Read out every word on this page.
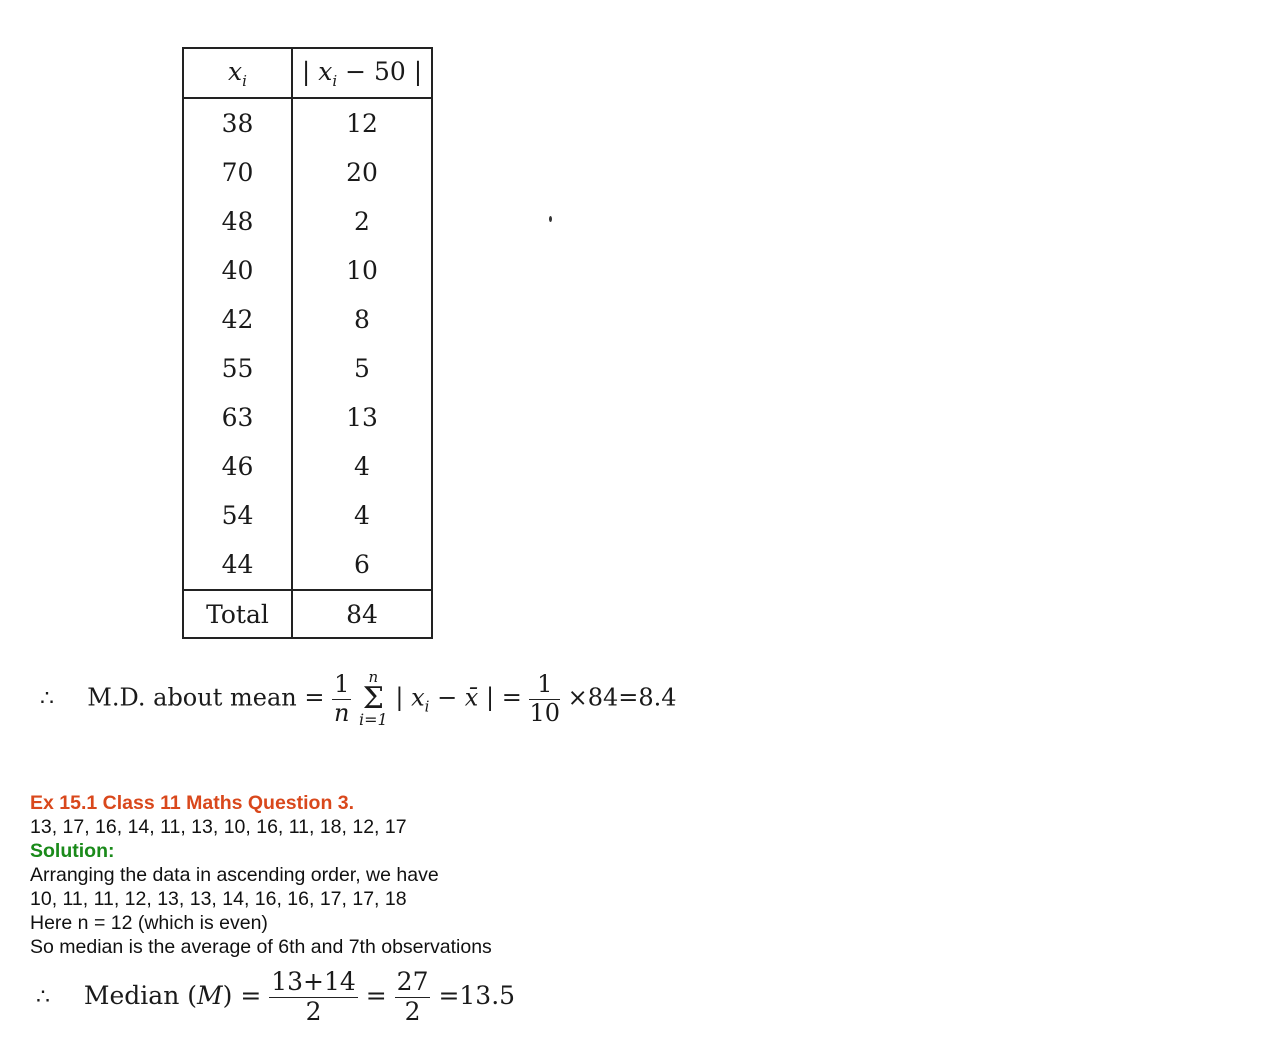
$x_i$	| $x_i - 50$ |
38	12
70	20
48	2
40	10
42	8
55	5
63	13
46	4
54	4
44	6
Total	84
∴ M.D. about mean = $\frac{1}{n}$
	n
Σ
i=1
| $x_i$ − x̄ | = $\frac{1}{10} \times 84=8.4$
Ex 15.1 Class 11 Maths Question 3.
13, 17, 16, 14, 11, 13, 10, 16, 11, 18, 12, 17
Solution:
Arranging the data in ascending order, we have
10, 11, 11, 12, 13, 13, 14, 16, 16, 17, 17, 18
Here n = 12 (which is even)
So median is the average of 6th and 7th observations
∴ Median $(M) = \frac{13+14}{2} = \frac{27}{2} =13.5$
